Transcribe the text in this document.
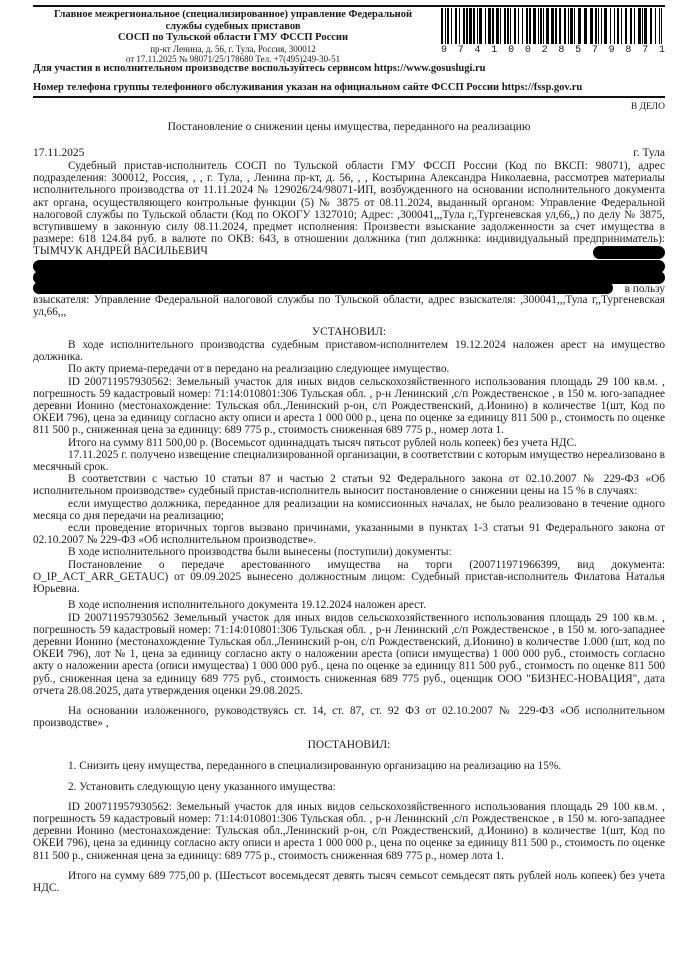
Главное межрегиональное (специализированное) управление Федеральной
службы судебных приставов
СОСП по Тульской области ГМУ ФССП России
пр-кт Ленина, д. 56, г. Тула, Россия, 300012
от 17.11.2025 № 98071/25/178680 Тел. +7(495)249-30-51
9 7 4 1 0 0 2 8 5 7 9 8 7 1
Для участия в исполнительном производстве воспользуйтесь сервисом https://www.gosuslugi.ru
Номер телефона группы телефонного обслуживания указан на официальном сайте ФССП России https://fssp.gov.ru
В ДЕЛО
Постановление о снижении цены имущества, переданного на реализацию
17.11.2025	г. Тула

Судебный пристав-исполнитель СОСП по Тульской области ГМУ ФССП России (Код по ВКСП: 98071), адрес подразделения: 300012, Россия, , , г. Тула, , Ленина пр-кт, д. 56, , , Костырина Александра Николаевна, рассмотрев материалы исполнительного производства от 11.11.2024 № 129026/24/98071-ИП, возбужденного на основании исполнительного документа акт органа, осуществляющего контрольные функции (5) № 3875 от 08.11.2024, выданный органом: Управление Федеральной налоговой службы по Тульской области (Код по ОКОГУ 1327010; Адрес: ,300041,,,Тула г,,Тургеневская ул,66,,) по делу № 3875, вступившему в законную силу 08.11.2024, предмет исполнения: Произвести взыскание задолженности за счет имущества в размере: 618 124.84 руб. в валюте по ОКВ: 643, в отношении должника (тип должника: индивидуальный предприниматель): ТЫМЧУК АНДРЕЙ ВАСИЛЬЕВИЧ

в пользу

взыскателя: Управление Федеральной налоговой службы по Тульской области, адрес взыскателя: ,300041,,,Тула г,,Тургеневская ул,66,,,

УСТАНОВИЛ:

В ходе исполнительного производства судебным приставом-исполнителем 19.12.2024 наложен арест на имущество должника.

По акту приема-передачи от в передано на реализацию следующее имущество.

ID 200711957930562: Земельный участок для иных видов сельскохозяйственного использования площадь 29 100 кв.м. , погрешность 59 кадастровый номер: 71:14:010801:306 Тульская обл. , р-н Ленинский ,с/п Рождественское , в 150 м. юго-западнее деревни Ионино (местонахождение: Тульская обл.,Ленинский р-он, с/п Рождественский, д.Ионино) в количестве 1(шт, Код по ОКЕИ 796), цена за единицу согласно акту описи и ареста 1 000 000 р., цена по оценке за единицу 811 500 р., стоимость по оценке 811 500 р., сниженная цена за единицу: 689 775 р., стоимость сниженная 689 775 р., номер лота 1.

Итого на сумму 811 500,00 р. (Восемьсот одиннадцать тысяч пятьсот рублей ноль копеек) без учета НДС.

17.11.2025 г. получено извещение специализированной организации, в соответствии с которым имущество нереализовано в месячный срок.

В соответствии с частью 10 статьи 87 и частью 2 статьи 92 Федерального закона от 02.10.2007 № 229-ФЗ «Об исполнительном производстве» судебный пристав-исполнитель выносит постановление о снижении цены на 15 % в случаях:

если имущество должника, переданное для реализации на комиссионных началах, не было реализовано в течение одного месяца со дня передачи на реализацию;

если проведение вторичных торгов вызвано причинами, указанными в пунктах 1-3 статьи 91 Федерального закона от 02.10.2007 № 229-ФЗ «Об исполнительном производстве».

В ходе исполнительного производства были вынесены (поступили) документы:

Постановление о передаче арестованного имущества на торги (200711971966399, вид документа: O_IP_ACT_ARR_GETAUC) от 09.09.2025 вынесено должностным лицом: Судебный пристав-исполнитель Филатова Наталья Юрьевна.

В ходе исполнения исполнительного документа 19.12.2024 наложен арест.

ID 200711957930562 Земельный участок для иных видов сельскохозяйственного использования площадь 29 100 кв.м. , погрешность 59 кадастровый номер: 71:14:010801:306 Тульская обл. , р-н Ленинский ,с/п Рождественское , в 150 м. юго-западнее деревни Ионино (местонахождение Тульская обл.,Ленинский р-он, с/п Рождественский, д.Ионино) в количестве 1.000 (шт, код по ОКЕИ 796), лот № 1, цена за единицу согласно акту о наложении ареста (описи имущества) 1 000 000 руб., стоимость согласно акту о наложении ареста (описи имущества) 1 000 000 руб., цена по оценке за единицу 811 500 руб., стоимость по оценке 811 500 руб., сниженная цена за единицу 689 775 руб., стоимость сниженная 689 775 руб., оценщик ООО "БИЗНЕС-НОВАЦИЯ", дата отчета 28.08.2025, дата утверждения оценки 29.08.2025.

На основании изложенного, руководствуясь ст. 14, ст. 87, ст. 92 ФЗ от 02.10.2007 № 229-ФЗ «Об исполнительном производстве» ,

ПОСТАНОВИЛ:

1. Снизить цену имущества, переданного в специализированную организацию на реализацию на 15%.

2. Установить следующую цену указанного имущества:

ID 200711957930562: Земельный участок для иных видов сельскохозяйственного использования площадь 29 100 кв.м. , погрешность 59 кадастровый номер: 71:14:010801:306 Тульская обл. , р-н Ленинский ,с/п Рождественское , в 150 м. юго-западнее деревни Ионино (местонахождение: Тульская обл.,Ленинский р-он, с/п Рождественский, д.Ионино) в количестве 1(шт, Код по ОКЕИ 796), цена за единицу согласно акту описи и ареста 1 000 000 р., цена по оценке за единицу 811 500 р., стоимость по оценке 811 500 р., сниженная цена за единицу: 689 775 р., стоимость сниженная 689 775 р., номер лота 1.

Итого на сумму 689 775,00 р. (Шестьсот восемьдесят девять тысяч семьсот семьдесят пять рублей ноль копеек) без учета НДС.
